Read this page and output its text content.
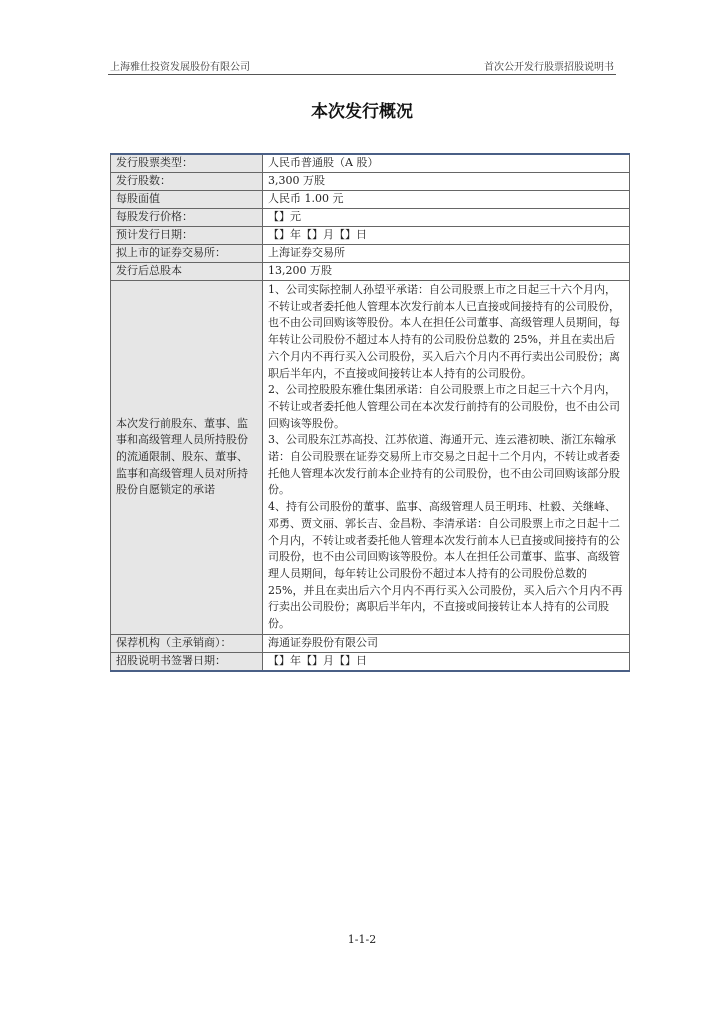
上海雅仕投资发展股份有限公司	首次公开发行股票招股说明书
本次发行概况
发行股票类型：	人民币普通股（A 股）
发行股数：	3,300 万股
每股面值	人民币 1.00 元
每股发行价格：	【】元
预计发行日期：	【】年【】月【】日
拟上市的证券交易所：	上海证券交易所
发行后总股本	13,200 万股
本次发行前股东、董事、监事和高级管理人员所持股份的流通限制、股东、董事、监事和高级管理人员对所持股份自愿锁定的承诺	1、公司实际控制人孙望平承诺：自公司股票上市之日起三十六个月内，不转让或者委托他人管理本次发行前本人已直接或间接持有的公司股份，也不由公司回购该等股份。本人在担任公司董事、高级管理人员期间，每年转让公司股份不超过本人持有的公司股份总数的 25%，并且在卖出后六个月内不再行买入公司股份，买入后六个月内不再行卖出公司股份；离职后半年内，不直接或间接转让本人持有的公司股份。
2、公司控股股东雅仕集团承诺：自公司股票上市之日起三十六个月内，不转让或者委托他人管理公司在本次发行前持有的公司股份，也不由公司回购该等股份。
3、公司股东江苏高投、江苏依道、海通开元、连云港初映、浙江东翰承诺：自公司股票在证券交易所上市交易之日起十二个月内，不转让或者委托他人管理本次发行前本企业持有的公司股份，也不由公司回购该部分股份。
4、持有公司股份的董事、监事、高级管理人员王明玮、杜毅、关继峰、邓勇、贾文丽、郭长吉、金昌粉、李清承诺：自公司股票上市之日起十二个月内，不转让或者委托他人管理本次发行前本人已直接或间接持有的公司股份，也不由公司回购该等股份。本人在担任公司董事、监事、高级管理人员期间，每年转让公司股份不超过本人持有的公司股份总数的 25%，并且在卖出后六个月内不再行买入公司股份，买入后六个月内不再行卖出公司股份；离职后半年内，不直接或间接转让本人持有的公司股份。

保荐机构（主承销商）：	海通证券股份有限公司
招股说明书签署日期：	【】年【】月【】日
1-1-2
